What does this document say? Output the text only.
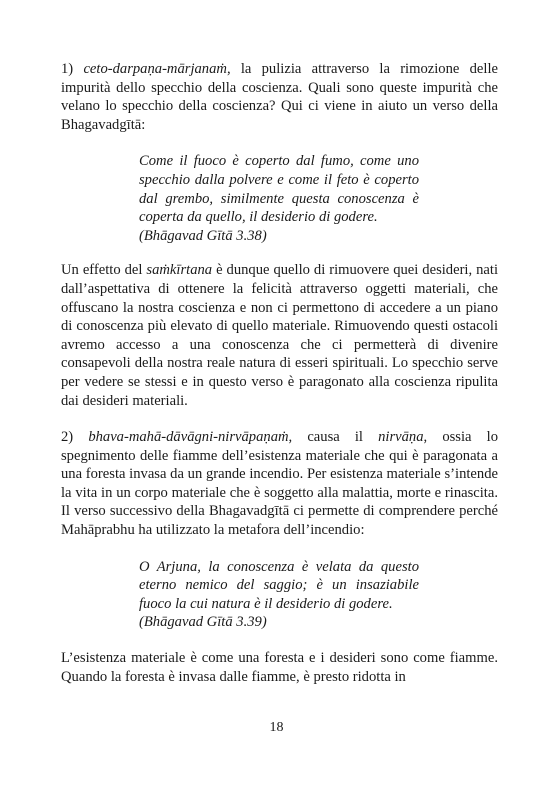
1) ceto-darpaṇa-mārjanaṁ, la pulizia attraverso la rimozione delle impurità dello specchio della coscienza. Quali sono queste impurità che velano lo specchio della coscienza? Qui ci viene in aiuto un verso della Bhagavadgītā:

Come il fuoco è coperto dal fumo, come uno specchio dalla polvere e come il feto è coperto dal grembo, similmente questa conoscenza è coperta da quello, il desiderio di godere.
(Bhāgavad Gītā 3.38)

Un effetto del saṁkīrtana è dunque quello di rimuovere quei desideri, nati dall’aspettativa di ottenere la felicità attraverso oggetti materiali, che offuscano la nostra coscienza e non ci permettono di accedere a un piano di conoscenza più elevato di quello materiale. Rimuovendo questi ostacoli avremo accesso a una conoscenza che ci permetterà di divenire consapevoli della nostra reale natura di esseri spirituali. Lo specchio serve per vedere se stessi e in questo verso è paragonato alla coscienza ripulita dai desideri materiali.

2) bhava-mahā-dāvāgni-nirvāpaṇaṁ, causa il nirvāṇa, ossia lo spegnimento delle fiamme dell’esistenza materiale che qui è paragonata a una foresta invasa da un grande incendio. Per esistenza materiale s’intende la vita in un corpo materiale che è soggetto alla malattia, morte e rinascita. Il verso successivo della Bhagavadgītā ci permette di comprendere perché Mahāprabhu ha utilizzato la metafora dell’incendio:

O Arjuna, la conoscenza è velata da questo eterno nemico del saggio; è un insaziabile fuoco la cui natura è il desiderio di godere.
(Bhāgavad Gītā 3.39)

L’esistenza materiale è come una foresta e i desideri sono come fiamme. Quando la foresta è invasa dalle fiamme, è presto ridotta in

18
